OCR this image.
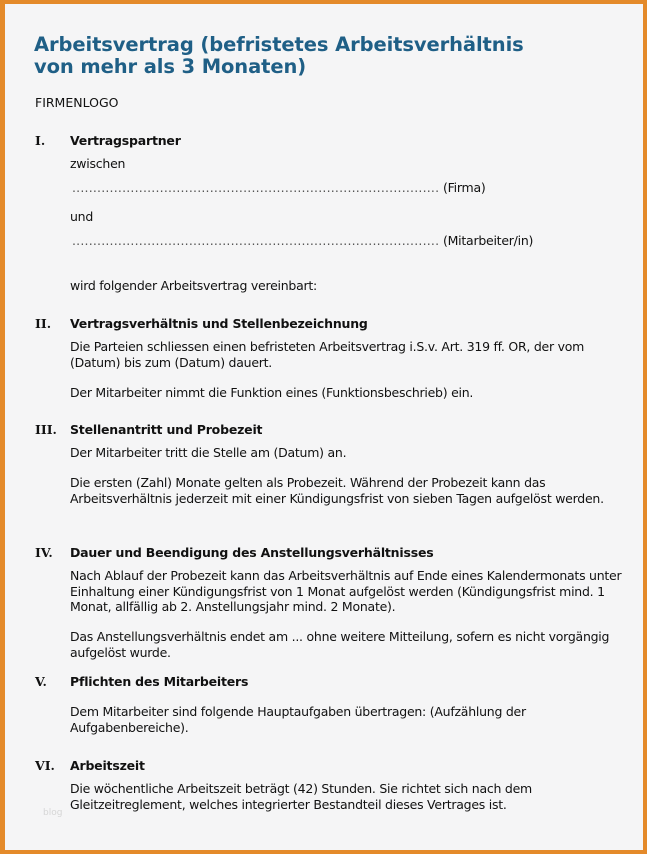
Arbeitsvertrag (befristetes Arbeitsverhältnis
von mehr als 3 Monaten)
FIRMENLOGO
I. Vertragspartner
zwischen
........................................................................................ (Firma)
und
........................................................................................ (Mitarbeiter/in)
wird folgender Arbeitsvertrag vereinbart:
II. Vertragsverhältnis und Stellenbezeichnung

Die Parteien schliessen einen befristeten Arbeitsvertrag i.S.v. Art. 319 ff. OR, der vom (Datum) bis zum (Datum) dauert.

Der Mitarbeiter nimmt die Funktion eines (Funktionsbeschrieb) ein.

III. Stellenantritt und Probezeit

Der Mitarbeiter tritt die Stelle am (Datum) an.

Die ersten (Zahl) Monate gelten als Probezeit. Während der Probezeit kann das Arbeitsverhältnis jederzeit mit einer Kündigungsfrist von sieben Tagen aufgelöst werden.

IV. Dauer und Beendigung des Anstellungsverhältnisses

Nach Ablauf der Probezeit kann das Arbeitsverhältnis auf Ende eines Kalendermonats unter Einhaltung einer Kündigungsfrist von 1 Monat aufgelöst werden (Kündigungsfrist mind. 1 Monat, allfällig ab 2. Anstellungsjahr mind. 2 Monate).

Das Anstellungsverhältnis endet am ... ohne weitere Mitteilung, sofern es nicht vorgängig aufgelöst wurde.

V. Pflichten des Mitarbeiters

Dem Mitarbeiter sind folgende Hauptaufgaben übertragen: (Aufzählung der Aufgabenbereiche).

VI. Arbeitszeit

Die wöchentliche Arbeitszeit beträgt (42) Stunden. Sie richtet sich nach dem Gleitzeitreglement, welches integrierter Bestandteil dieses Vertrages ist.

blog
